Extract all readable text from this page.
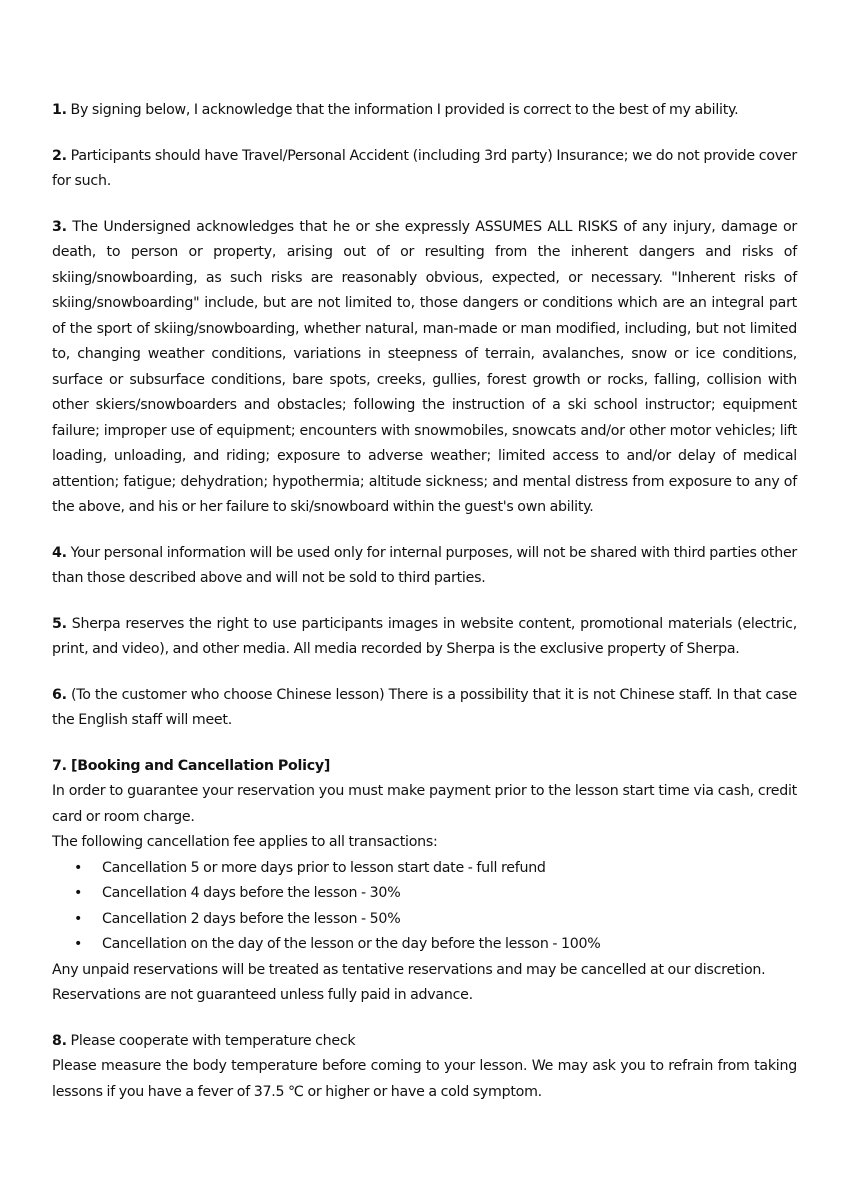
1. By signing below, I acknowledge that the information I provided is correct to the best of my ability.

2. Participants should have Travel/Personal Accident (including 3rd party) Insurance; we do not provide cover for such.

3. The Undersigned acknowledges that he or she expressly ASSUMES ALL RISKS of any injury, damage or death, to person or property, arising out of or resulting from the inherent dangers and risks of skiing/snowboarding, as such risks are reasonably obvious, expected, or necessary. "Inherent risks of skiing/snowboarding" include, but are not limited to, those dangers or conditions which are an integral part of the sport of skiing/snowboarding, whether natural, man-made or man modified, including, but not limited to, changing weather conditions, variations in steepness of terrain, avalanches, snow or ice conditions, surface or subsurface conditions, bare spots, creeks, gullies, forest growth or rocks, falling, collision with other skiers/snowboarders and obstacles; following the instruction of a ski school instructor; equipment failure; improper use of equipment; encounters with snowmobiles, snowcats and/or other motor vehicles; lift loading, unloading, and riding; exposure to adverse weather; limited access to and/or delay of medical attention; fatigue; dehydration; hypothermia; altitude sickness; and mental distress from exposure to any of the above, and his or her failure to ski/snowboard within the guest's own ability.

4. Your personal information will be used only for internal purposes, will not be shared with third parties other than those described above and will not be sold to third parties.

5. Sherpa reserves the right to use participants images in website content, promotional materials (electric, print, and video), and other media. All media recorded by Sherpa is the exclusive property of Sherpa.

6. (To the customer who choose Chinese lesson) There is a possibility that it is not Chinese staff. In that case the English staff will meet.

7. [Booking and Cancellation Policy]
In order to guarantee your reservation you must make payment prior to the lesson start time via cash, credit card or room charge.
The following cancellation fee applies to all transactions:
• Cancellation 5 or more days prior to lesson start date - full refund
• Cancellation 4 days before the lesson - 30%
• Cancellation 2 days before the lesson - 50%
• Cancellation on the day of the lesson or the day before the lesson - 100%
Any unpaid reservations will be treated as tentative reservations and may be cancelled at our discretion.
Reservations are not guaranteed unless fully paid in advance.
8. Please cooperate with temperature check
Please measure the body temperature before coming to your lesson. We may ask you to refrain from taking lessons if you have a fever of 37.5 ℃ or higher or have a cold symptom.
